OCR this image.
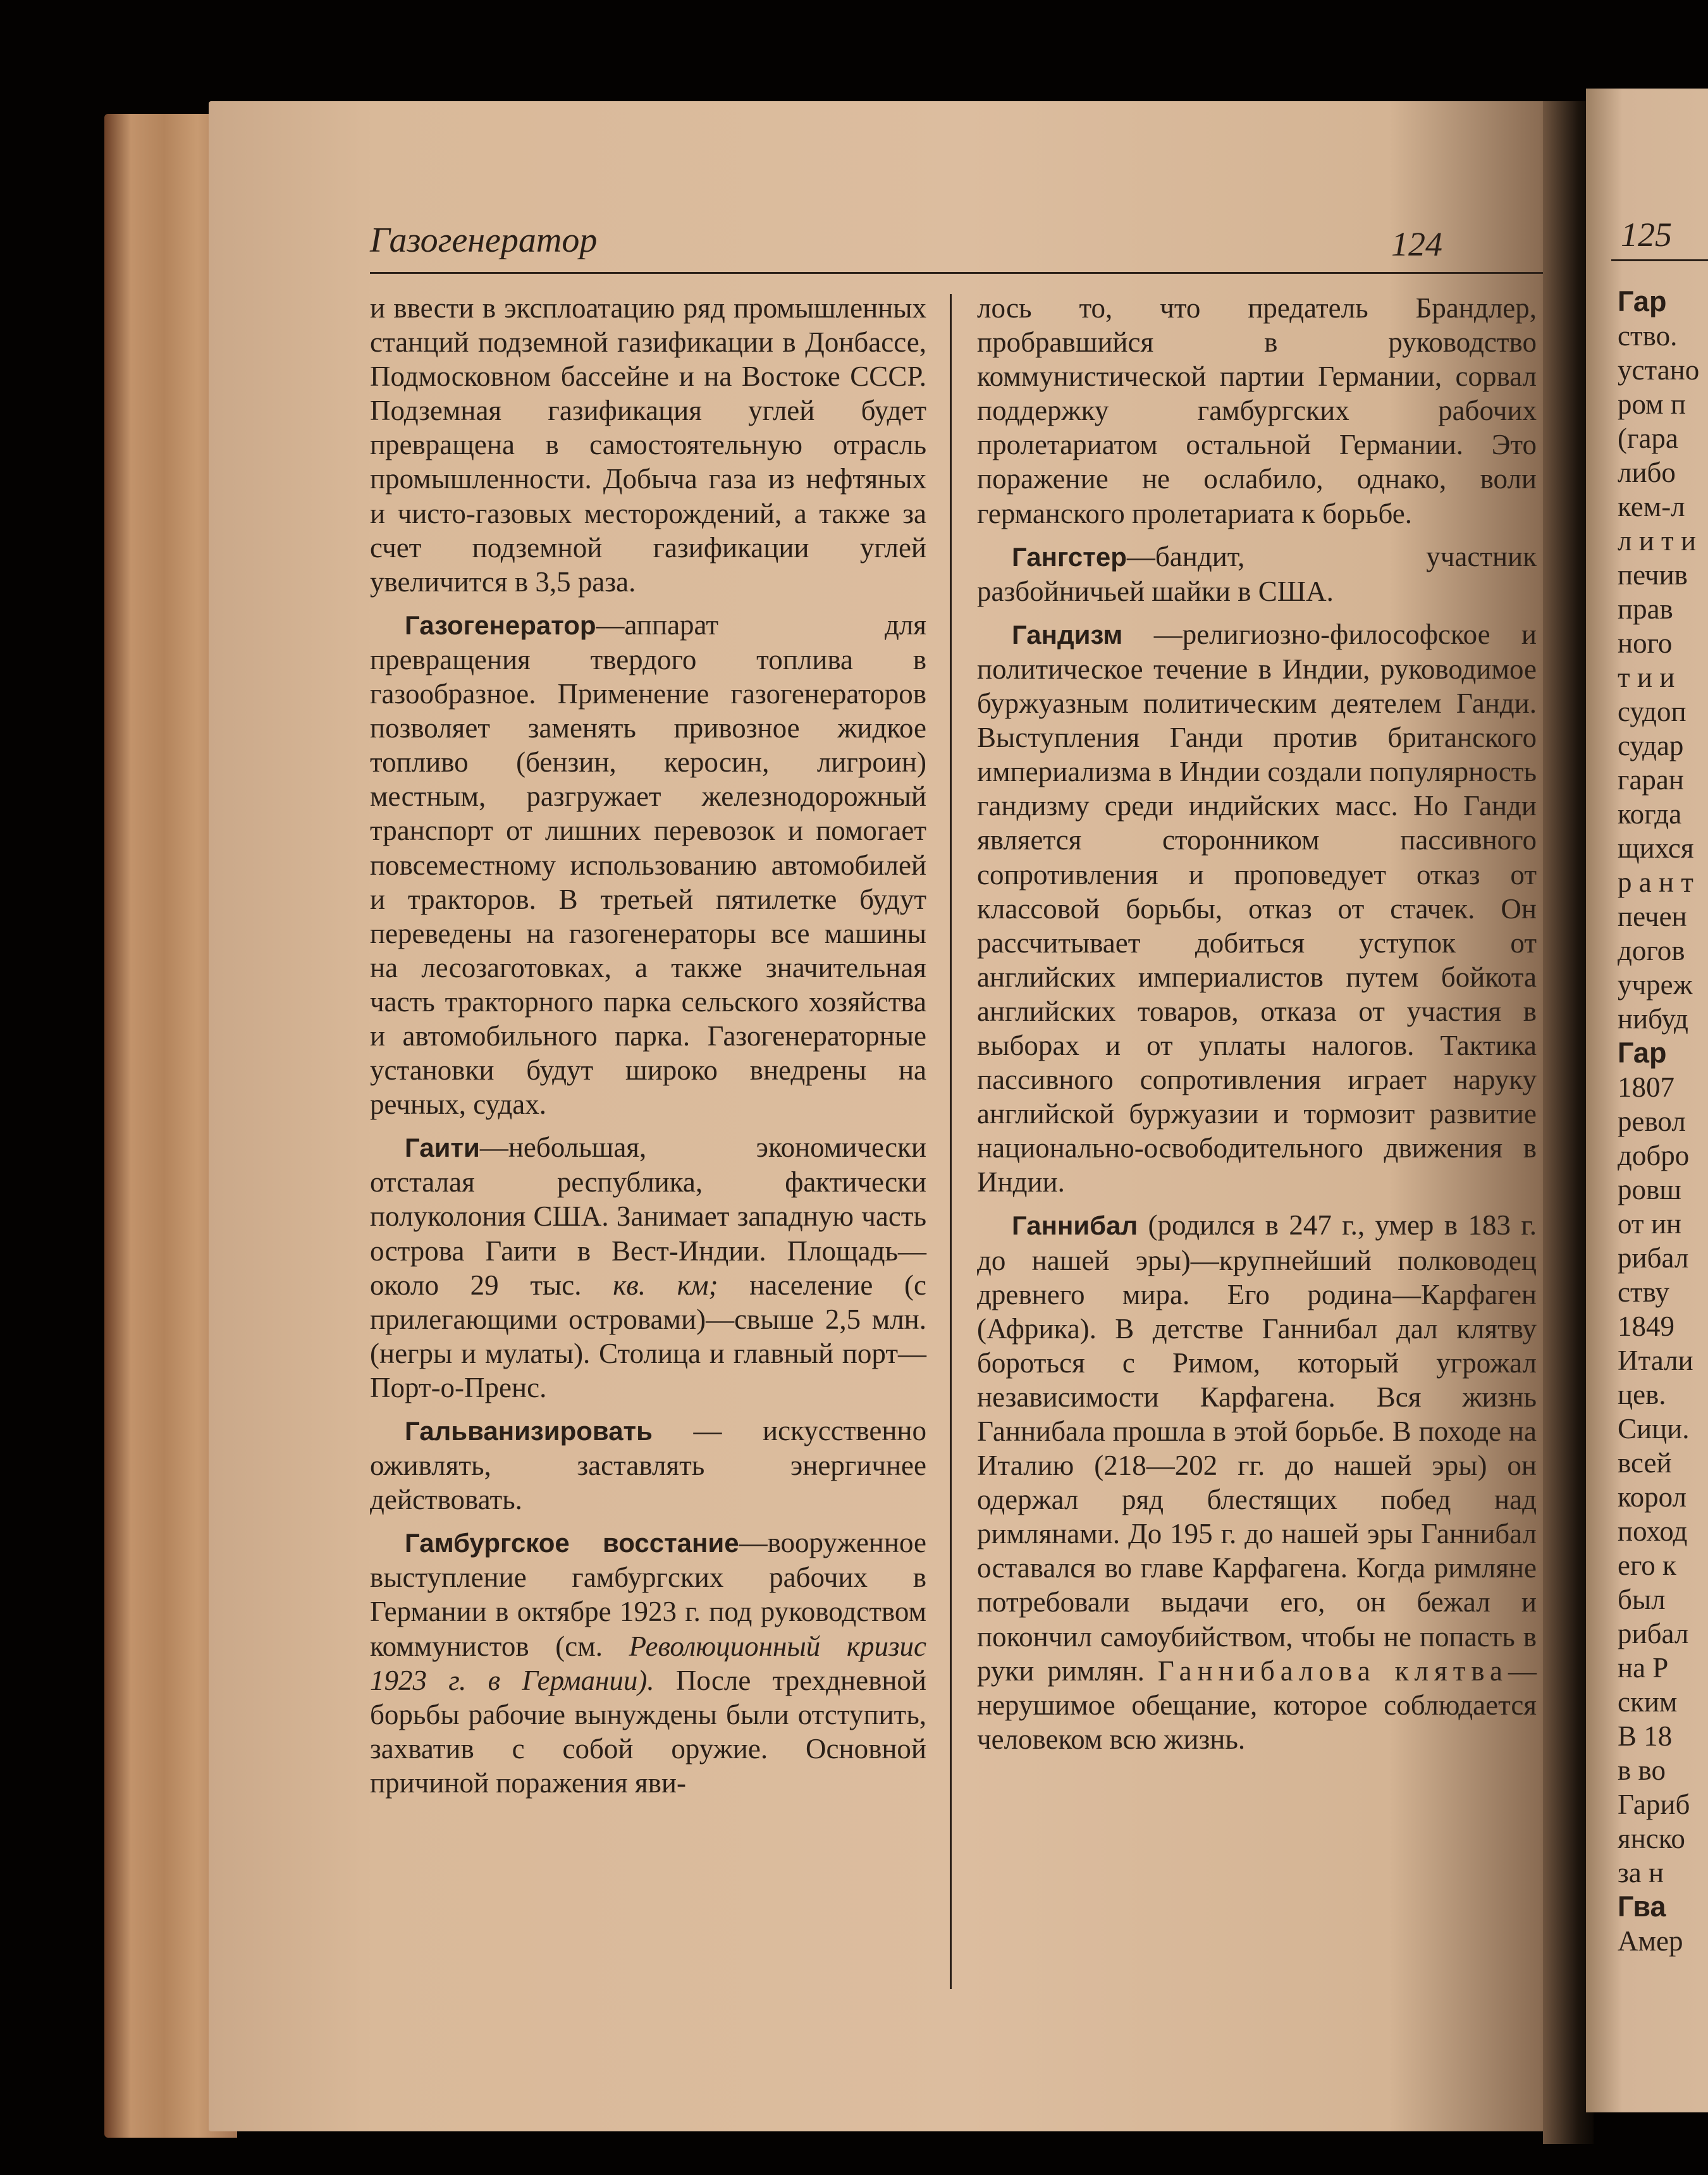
Газогенератор	124

и ввести в эксплоатацию ряд промышленных станций подземной газификации в Донбассе, Подмосковном бассейне и на Востоке СССР. Подземная газификация углей будет превращена в самостоятельную отрасль промышленности. Добыча газа из нефтяных и чисто-газовых месторождений, а также за счет подземной газификации углей увеличится в 3,5 раза.

Газогенератор—аппарат для превращения твердого топлива в газообразное. Применение газогенераторов позволяет заменять привозное жидкое топливо (бензин, керосин, лигроин) местным, разгружает железнодорожный транспорт от лишних перевозок и помогает повсеместному использованию автомобилей и тракторов. В третьей пятилетке будут переведены на газогенераторы все машины на лесозаготовках, а также значительная часть тракторного парка сельского хозяйства и автомобильного парка. Газогенераторные установки будут широко внедрены на речных, судах.

Гаити—небольшая, экономически отсталая республика, фактически полуколония США. Занимает западную часть острова Гаити в Вест-Индии. Площадь—около 29 тыс. кв. км; население (с прилегающими островами)—свыше 2,5 млн. (негры и мулаты). Столица и главный порт—Порт-о-Пренс.

Гальванизировать — искусственно оживлять, заставлять энергичнее действовать.

Гамбургское восстание—вооруженное выступление гамбургских рабочих в Германии в октябре 1923 г. под руководством коммунистов (см. Революционный кризис 1923 г. в Германии). После трехдневной борьбы рабочие вынуждены были отступить, захватив с собой оружие. Основной причиной поражения яви-

лось то, что предатель Брандлер, пробравшийся в руководство коммунистической партии Германии, сорвал поддержку гамбургских рабочих пролетариатом остальной Германии. Это поражение не ослабило, однако, воли германского пролетариата к борьбе.

Гангстер—бандит, участник разбойничьей шайки в США.

Гандизм —религиозно-философское и политическое течение в Индии, руководимое буржуазным политическим деятелем Ганди. Выступления Ганди против британского империализма в Индии создали популярность гандизму среди индийских масс. Но Ганди является сторонником пассивного сопротивления и проповедует отказ от классовой борьбы, отказ от стачек. Он рассчитывает добиться уступок от английских империалистов путем бойкота английских товаров, отказа от участия в выборах и от уплаты налогов. Тактика пассивного сопротивления играет наруку английской буржуазии и тормозит развитие национально-освободительного движения в Индии.

Ганнибал (родился в 247 г., умер в 183 г. до нашей эры)—крупнейший полководец древнего мира. Его родина—Карфаген (Африка). В детстве Ганнибал дал клятву бороться с Римом, который угрожал независимости Карфагена. Вся жизнь Ганнибала прошла в этой борьбе. В походе на Италию (218—202 гг. до нашей эры) он одержал ряд блестящих побед над римлянами. До 195 г. до нашей эры Ганнибал оставался во главе Карфагена. Когда римляне потребовали выдачи его, он бежал и покончил самоубийством, чтобы не попасть в руки римлян. Ганнибалова клятва—нерушимое обещание, которое соблюдается человеком всю жизнь.

125
Гар
ство.
устано
ром п
(гара
либо
кем-л
л и т и
печив
прав
ного
т и и
судоп
судар
гаран
когда
щихся
р а н т
печен
догов
учреж
нибуд
Гар
1807
револ
добро
ровш
от ин
рибал
ству
1849
Итали
цев.
Сици.
всей
корол
поход
его к
был
рибал
на Р
ским
В 18
в во
Гариб
янско
за н
Гва
Амер
